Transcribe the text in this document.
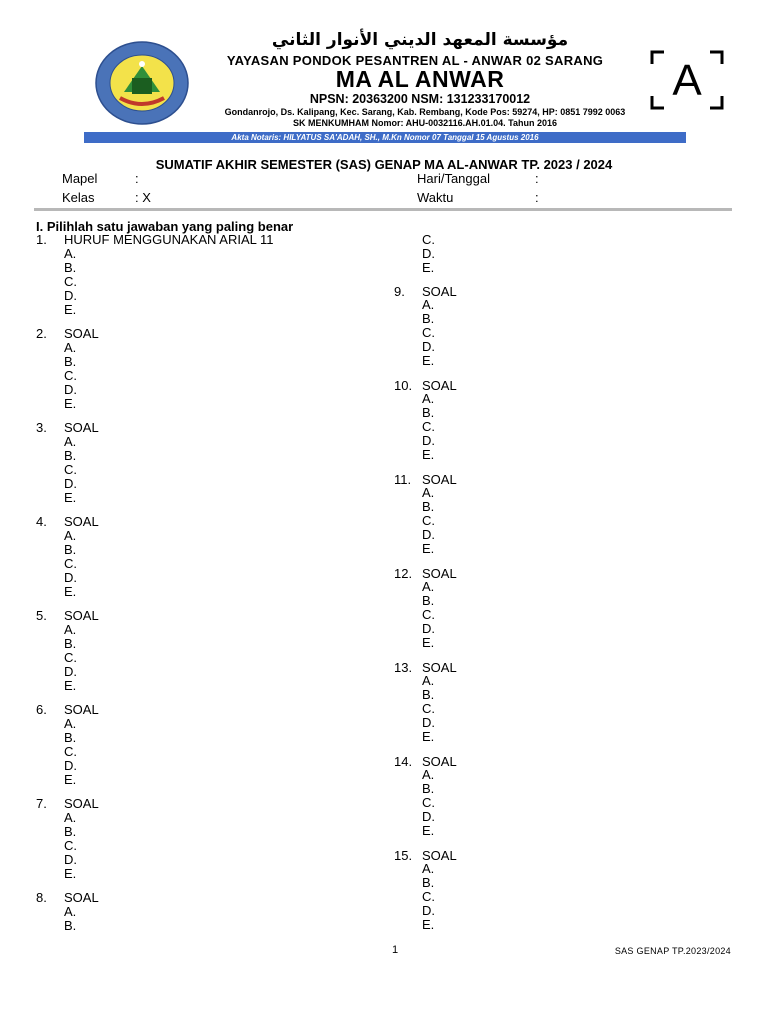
مؤسسة المعهد الديني الأنوار الثاني
YAYASAN PONDOK PESANTREN AL - ANWAR 02 SARANG
MA AL ANWAR
NPSN: 20363200 NSM: 131233170012
Gondanrojo, Ds. Kalipang, Kec. Sarang, Kab. Rembang, Kode Pos: 59274, HP: 0851 7992 0063
SK MENKUMHAM Nomor: AHU-0032116.AH.01.04. Tahun 2016
Akta Notaris: HILYATUS SA'ADAH, SH., M.Kn Nomor 07 Tanggal 15 Agustus 2016
A
SUMATIF AKHIR SEMESTER (SAS) GENAP MA AL-ANWAR TP. 2023 / 2024
Mapel	:
Kelas	: X
Hari/Tanggal	:
Waktu	:
I. Pilihlah satu jawaban yang paling benar
1. HURUF MENGGUNAKAN ARIAL 11
A.
B.
C.
D.
E.
2. SOAL
A.
B.
C.
D.
E.
3. SOAL
A.
B.
C.
D.
E.
4. SOAL
A.
B.
C.
D.
E.
5. SOAL
A.
B.
C.
D.
E.
6. SOAL
A.
B.
C.
D.
E.
7. SOAL
A.
B.
C.
D.
E.
8. SOAL
A.
B.
C.
D.
E.
9. SOAL
A.
B.
C.
D.
E.
10. SOAL
A.
B.
C.
D.
E.
11. SOAL
A.
B.
C.
D.
E.
12. SOAL
A.
B.
C.
D.
E.
13. SOAL
A.
B.
C.
D.
E.
14. SOAL
A.
B.
C.
D.
E.
15. SOAL
A.
B.
C.
D.
E.
1	SAS GENAP TP.2023/2024
